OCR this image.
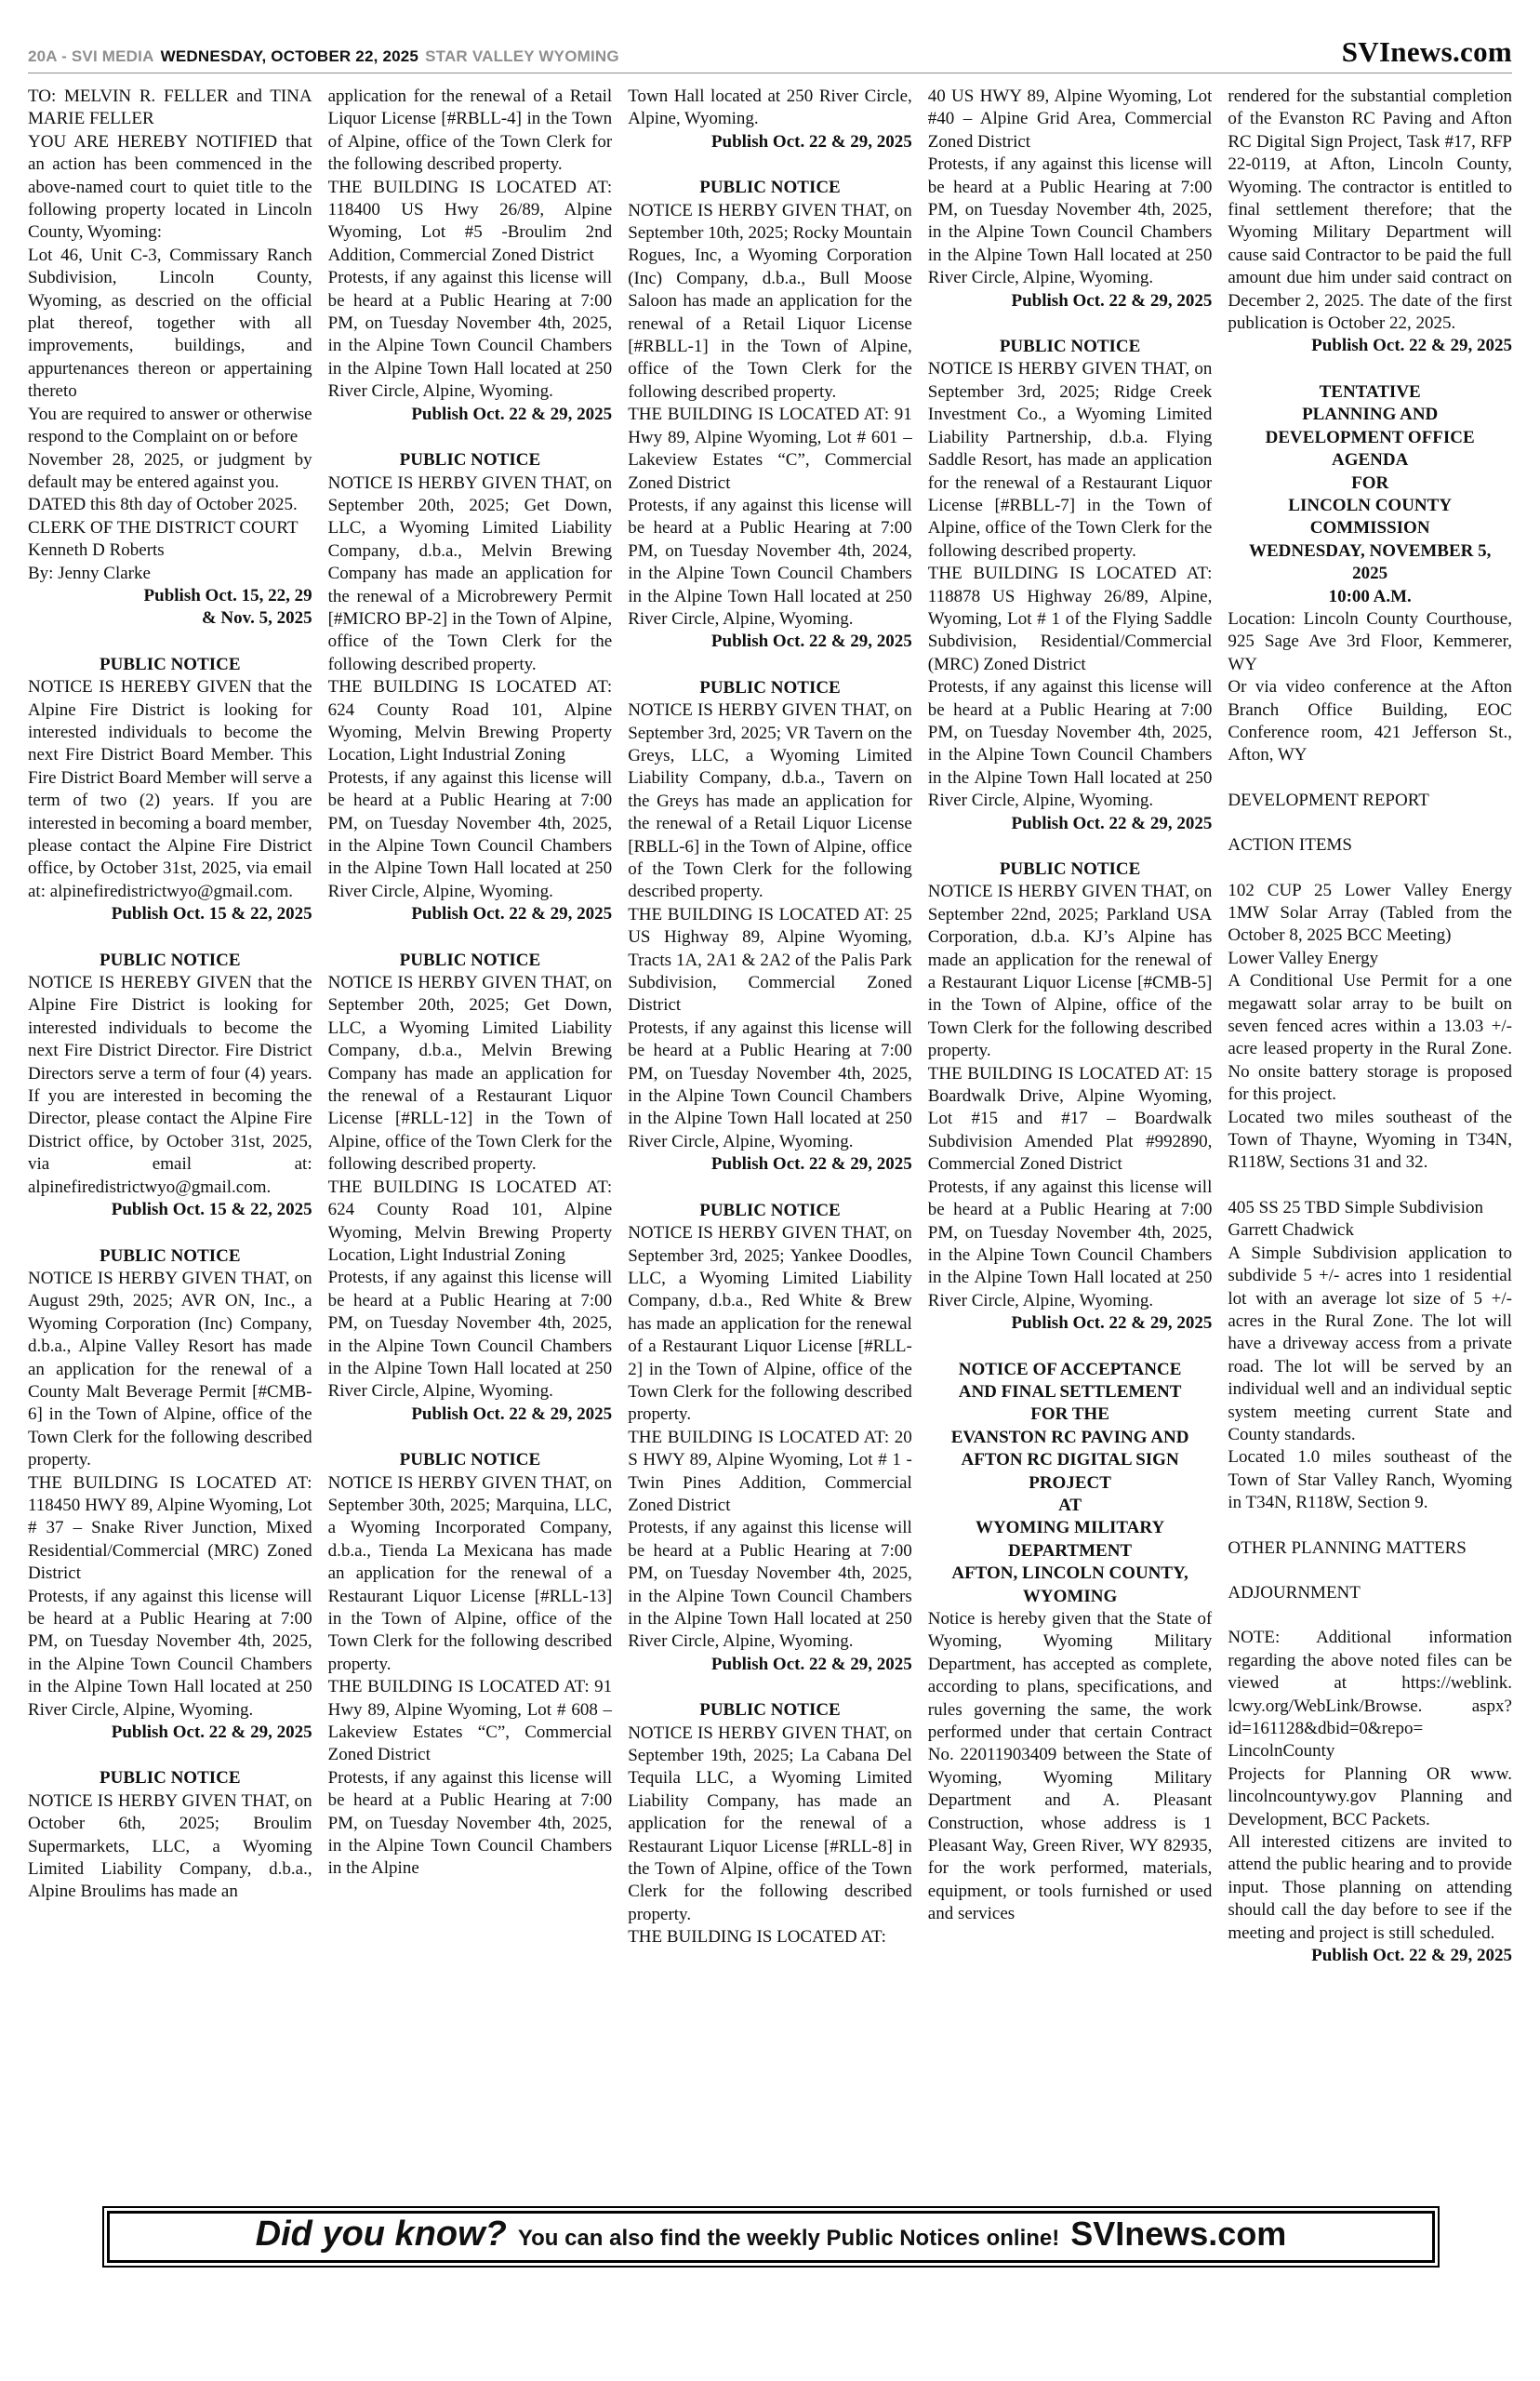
20A - SVI MEDIA WEDNESDAY, OCTOBER 22, 2025 STAR VALLEY WYOMING	SVInews.com

TO: MELVIN R. FELLER and TINA MARIE FELLER

YOU ARE HEREBY NOTIFIED that an action has been commenced in the above-named court to quiet title to the following property located in Lincoln County, Wyoming:

Lot 46, Unit C-3, Commissary Ranch Subdivision, Lincoln County, Wyoming, as descried on the official plat thereof, together with all improvements, buildings, and appurtenances thereon or appertaining thereto

You are required to answer or otherwise respond to the Complaint on or before

November 28, 2025, or judgment by default may be entered against you.

DATED this 8th day of October 2025.

CLERK OF THE DISTRICT COURT

Kenneth D Roberts

By: Jenny Clarke

Publish Oct. 15, 22, 29
& Nov. 5, 2025
PUBLIC NOTICE

NOTICE IS HEREBY GIVEN that the Alpine Fire District is looking for interested individuals to become the next Fire District Board Member. This Fire District Board Member will serve a term of two (2) years. If you are interested in becoming a board member, please contact the Alpine Fire District office, by October 31st, 2025, via email at: alpinefiredistrictwyo@gmail.com.

Publish Oct. 15 & 22, 2025
PUBLIC NOTICE

NOTICE IS HEREBY GIVEN that the Alpine Fire District is looking for interested individuals to become the next Fire District Director. Fire District Directors serve a term of four (4) years. If you are interested in becoming the Director, please contact the Alpine Fire District office, by October 31st, 2025, via email at: alpinefiredistrictwyo@gmail.com.

Publish Oct. 15 & 22, 2025
PUBLIC NOTICE

NOTICE IS HERBY GIVEN THAT, on August 29th, 2025; AVR ON, Inc., a Wyoming Corporation (Inc) Company, d.b.a., Alpine Valley Resort has made an application for the renewal of a County Malt Beverage Permit [#CMB-6] in the Town of Alpine, office of the Town Clerk for the following described property.

THE BUILDING IS LOCATED AT: 118450 HWY 89, Alpine Wyoming, Lot # 37 – Snake River Junction, Mixed Residential/Commercial (MRC) Zoned District

Protests, if any against this license will be heard at a Public Hearing at 7:00 PM, on Tuesday November 4th, 2025, in the Alpine Town Council Chambers in the Alpine Town Hall located at 250 River Circle, Alpine, Wyoming.

Publish Oct. 22 & 29, 2025
PUBLIC NOTICE

NOTICE IS HERBY GIVEN THAT, on October 6th, 2025; Broulim Supermarkets, LLC, a Wyoming Limited Liability Company, d.b.a., Alpine Broulims has made an

application for the renewal of a Retail Liquor License [#RBLL-4] in the Town of Alpine, office of the Town Clerk for the following described property.

THE BUILDING IS LOCATED AT: 118400 US Hwy 26/89, Alpine Wyoming, Lot #5 -Broulim 2nd Addition, Commercial Zoned District

Protests, if any against this license will be heard at a Public Hearing at 7:00 PM, on Tuesday November 4th, 2025, in the Alpine Town Council Chambers in the Alpine Town Hall located at 250 River Circle, Alpine, Wyoming.

Publish Oct. 22 & 29, 2025
PUBLIC NOTICE

NOTICE IS HERBY GIVEN THAT, on September 20th, 2025; Get Down, LLC, a Wyoming Limited Liability Company, d.b.a., Melvin Brewing Company has made an application for the renewal of a Microbrewery Permit [#MICRO BP-2] in the Town of Alpine, office of the Town Clerk for the following described property.

THE BUILDING IS LOCATED AT: 624 County Road 101, Alpine Wyoming, Melvin Brewing Property Location, Light Industrial Zoning

Protests, if any against this license will be heard at a Public Hearing at 7:00 PM, on Tuesday November 4th, 2025, in the Alpine Town Council Chambers in the Alpine Town Hall located at 250 River Circle, Alpine, Wyoming.

Publish Oct. 22 & 29, 2025
PUBLIC NOTICE

NOTICE IS HERBY GIVEN THAT, on September 20th, 2025; Get Down, LLC, a Wyoming Limited Liability Company, d.b.a., Melvin Brewing Company has made an application for the renewal of a Restaurant Liquor License [#RLL-12] in the Town of Alpine, office of the Town Clerk for the following described property.

THE BUILDING IS LOCATED AT: 624 County Road 101, Alpine Wyoming, Melvin Brewing Property Location, Light Industrial Zoning

Protests, if any against this license will be heard at a Public Hearing at 7:00 PM, on Tuesday November 4th, 2025, in the Alpine Town Council Chambers in the Alpine Town Hall located at 250 River Circle, Alpine, Wyoming.

Publish Oct. 22 & 29, 2025
PUBLIC NOTICE

NOTICE IS HERBY GIVEN THAT, on September 30th, 2025; Marquina, LLC, a Wyoming Incorporated Company, d.b.a., Tienda La Mexicana has made an application for the renewal of a Restaurant Liquor License [#RLL-13] in the Town of Alpine, office of the Town Clerk for the following described property.

THE BUILDING IS LOCATED AT: 91 Hwy 89, Alpine Wyoming, Lot # 608 – Lakeview Estates “C”, Commercial Zoned District

Protests, if any against this license will be heard at a Public Hearing at 7:00 PM, on Tuesday November 4th, 2025, in the Alpine Town Council Chambers in the Alpine

Town Hall located at 250 River Circle, Alpine, Wyoming.

Publish Oct. 22 & 29, 2025
PUBLIC NOTICE

NOTICE IS HERBY GIVEN THAT, on September 10th, 2025; Rocky Mountain Rogues, Inc, a Wyoming Corporation (Inc) Company, d.b.a., Bull Moose Saloon has made an application for the renewal of a Retail Liquor License [#RBLL-1] in the Town of Alpine, office of the Town Clerk for the following described property.

THE BUILDING IS LOCATED AT: 91 Hwy 89, Alpine Wyoming, Lot # 601 – Lakeview Estates “C”, Commercial Zoned District

Protests, if any against this license will be heard at a Public Hearing at 7:00 PM, on Tuesday November 4th, 2024, in the Alpine Town Council Chambers in the Alpine Town Hall located at 250 River Circle, Alpine, Wyoming.

Publish Oct. 22 & 29, 2025
PUBLIC NOTICE

NOTICE IS HERBY GIVEN THAT, on September 3rd, 2025; VR Tavern on the Greys, LLC, a Wyoming Limited Liability Company, d.b.a., Tavern on the Greys has made an application for the renewal of a Retail Liquor License [RBLL-6] in the Town of Alpine, office of the Town Clerk for the following described property.

THE BUILDING IS LOCATED AT: 25 US Highway 89, Alpine Wyoming, Tracts 1A, 2A1 & 2A2 of the Palis Park Subdivision, Commercial Zoned District

Protests, if any against this license will be heard at a Public Hearing at 7:00 PM, on Tuesday November 4th, 2025, in the Alpine Town Council Chambers in the Alpine Town Hall located at 250 River Circle, Alpine, Wyoming.

Publish Oct. 22 & 29, 2025
PUBLIC NOTICE

NOTICE IS HERBY GIVEN THAT, on September 3rd, 2025; Yankee Doodles, LLC, a Wyoming Limited Liability Company, d.b.a., Red White & Brew has made an application for the renewal of a Restaurant Liquor License [#RLL-2] in the Town of Alpine, office of the Town Clerk for the following described property.

THE BUILDING IS LOCATED AT: 20 S HWY 89, Alpine Wyoming, Lot # 1 - Twin Pines Addition, Commercial Zoned District

Protests, if any against this license will be heard at a Public Hearing at 7:00 PM, on Tuesday November 4th, 2025, in the Alpine Town Council Chambers in the Alpine Town Hall located at 250 River Circle, Alpine, Wyoming.

Publish Oct. 22 & 29, 2025
PUBLIC NOTICE

NOTICE IS HERBY GIVEN THAT, on September 19th, 2025; La Cabana Del Tequila LLC, a Wyoming Limited Liability Company, has made an application for the renewal of a Restaurant Liquor License [#RLL-8] in the Town of Alpine, office of the Town Clerk for the following described property.

THE BUILDING IS LOCATED AT:

40 US HWY 89, Alpine Wyoming, Lot #40 – Alpine Grid Area, Commercial Zoned District

Protests, if any against this license will be heard at a Public Hearing at 7:00 PM, on Tuesday November 4th, 2025, in the Alpine Town Council Chambers in the Alpine Town Hall located at 250 River Circle, Alpine, Wyoming.

Publish Oct. 22 & 29, 2025
PUBLIC NOTICE

NOTICE IS HERBY GIVEN THAT, on September 3rd, 2025; Ridge Creek Investment Co., a Wyoming Limited Liability Partnership, d.b.a. Flying Saddle Resort, has made an application for the renewal of a Restaurant Liquor License [#RBLL-7] in the Town of Alpine, office of the Town Clerk for the following described property.

THE BUILDING IS LOCATED AT: 118878 US Highway 26/89, Alpine, Wyoming, Lot # 1 of the Flying Saddle Subdivision, Residential/Commercial (MRC) Zoned District

Protests, if any against this license will be heard at a Public Hearing at 7:00 PM, on Tuesday November 4th, 2025, in the Alpine Town Council Chambers in the Alpine Town Hall located at 250 River Circle, Alpine, Wyoming.

Publish Oct. 22 & 29, 2025
PUBLIC NOTICE

NOTICE IS HERBY GIVEN THAT, on September 22nd, 2025; Parkland USA Corporation, d.b.a. KJ’s Alpine has made an application for the renewal of a Restaurant Liquor License [#CMB-5] in the Town of Alpine, office of the Town Clerk for the following described property.

THE BUILDING IS LOCATED AT: 15 Boardwalk Drive, Alpine Wyoming, Lot #15 and #17 – Boardwalk Subdivision Amended Plat #992890, Commercial Zoned District

Protests, if any against this license will be heard at a Public Hearing at 7:00 PM, on Tuesday November 4th, 2025, in the Alpine Town Council Chambers in the Alpine Town Hall located at 250 River Circle, Alpine, Wyoming.

Publish Oct. 22 & 29, 2025
NOTICE OF ACCEPTANCE
AND FINAL SETTLEMENT
FOR THE
EVANSTON RC PAVING AND
AFTON RC DIGITAL SIGN
PROJECT
AT
WYOMING MILITARY
DEPARTMENT
AFTON, LINCOLN COUNTY,
WYOMING

Notice is hereby given that the State of Wyoming, Wyoming Military Department, has accepted as complete, according to plans, specifications, and rules governing the same, the work performed under that certain Contract No. 22011903409 between the State of Wyoming, Wyoming Military Department and A. Pleasant Construction, whose address is 1 Pleasant Way, Green River, WY 82935, for the work performed, materials, equipment, or tools furnished or used and services

rendered for the substantial completion of the Evanston RC Paving and Afton RC Digital Sign Project, Task #17, RFP 22-0119, at Afton, Lincoln County, Wyoming. The contractor is entitled to final settlement therefore; that the Wyoming Military Department will cause said Contractor to be paid the full amount due him under said contract on December 2, 2025. The date of the first publication is October 22, 2025.

Publish Oct. 22 & 29, 2025
TENTATIVE
PLANNING AND
DEVELOPMENT OFFICE
AGENDA
FOR
LINCOLN COUNTY
COMMISSION
WEDNESDAY, NOVEMBER 5,
2025
10:00 A.M.

Location: Lincoln County Courthouse, 925 Sage Ave 3rd Floor, Kemmerer, WY

Or via video conference at the Afton Branch Office Building, EOC Conference room, 421 Jefferson St., Afton, WY

DEVELOPMENT REPORT

ACTION ITEMS

102 CUP 25 Lower Valley Energy 1MW Solar Array (Tabled from the October 8, 2025 BCC Meeting)

Lower Valley Energy

A Conditional Use Permit for a one megawatt solar array to be built on seven fenced acres within a 13.03 +/- acre leased property in the Rural Zone. No onsite battery storage is proposed for this project.

Located two miles southeast of the Town of Thayne, Wyoming in T34N, R118W, Sections 31 and 32.

405 SS 25 TBD Simple Subdivision

Garrett Chadwick

A Simple Subdivision application to subdivide 5 +/- acres into 1 residential lot with an average lot size of 5 +/- acres in the Rural Zone. The lot will have a driveway access from a private road. The lot will be served by an individual well and an individual septic system meeting current State and County standards.

Located 1.0 miles southeast of the Town of Star Valley Ranch, Wyoming in T34N, R118W, Section 9.

OTHER PLANNING MATTERS

ADJOURNMENT

NOTE: Additional information regarding the above noted files can be viewed at https://weblink. lcwy.org/WebLink/Browse. aspx?id=161128&dbid=0&repo= LincolnCounty

Projects for Planning OR www. lincolncountywy.gov Planning and Development, BCC Packets.

All interested citizens are invited to attend the public hearing and to provide input. Those planning on attending should call the day before to see if the meeting and project is still scheduled.

Publish Oct. 22 & 29, 2025
Did you know? You can also find the weekly Public Notices online! SVInews.com
